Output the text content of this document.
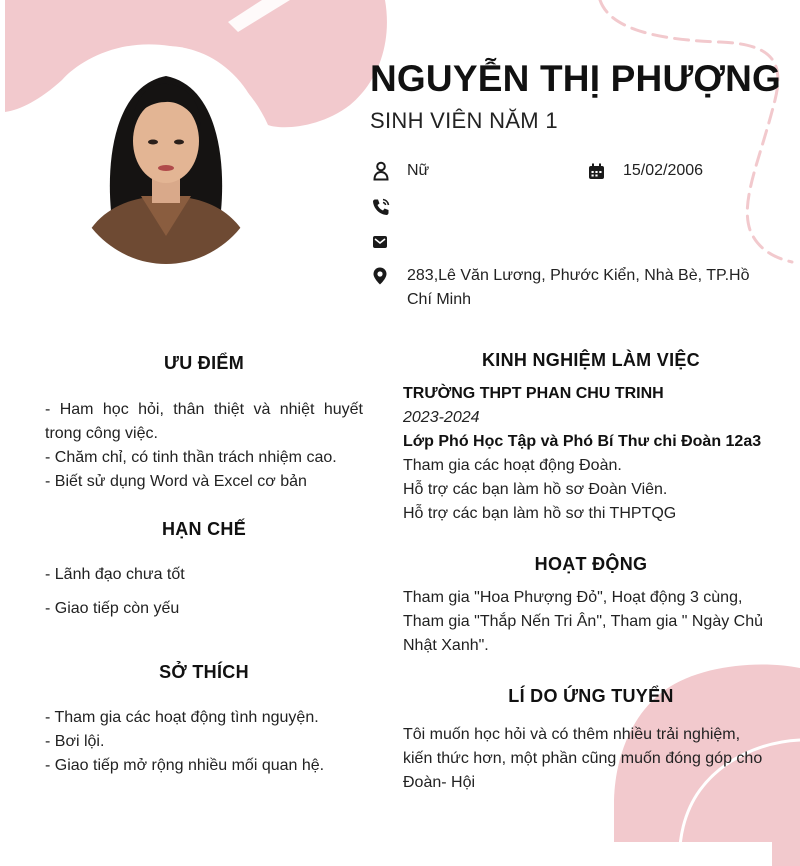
NGUYỄN THỊ PHƯỢNG
SINH VIÊN NĂM 1
Nữ	15/02/2006
283,Lê Văn Lương, Phước Kiển, Nhà Bè, TP.Hồ Chí Minh
ƯU ĐIỂM
- Ham học hỏi, thân thiệt và nhiệt huyết trong công việc.
- Chăm chỉ, có tinh thần trách nhiệm cao.
- Biết sử dụng Word và Excel cơ bản
HẠN CHẾ
- Lãnh đạo chưa tốt
- Giao tiếp còn yếu
SỞ THÍCH
- Tham gia các hoạt động tình nguyện.
- Bơi lội.
- Giao tiếp mở rộng nhiều mối quan hệ.
KINH NGHIỆM LÀM VIỆC
TRƯỜNG THPT PHAN CHU TRINH
2023-2024
Lớp Phó Học Tập và Phó Bí Thư chi Đoàn 12a3
Tham gia các hoạt động Đoàn.
Hỗ trợ các bạn làm hồ sơ Đoàn Viên.
Hỗ trợ các bạn làm hồ sơ thi THPTQG
HOẠT ĐỘNG
Tham gia "Hoa Phượng Đỏ", Hoạt động 3 cùng, Tham gia "Thắp Nến Tri Ân", Tham gia " Ngày Chủ Nhật Xanh".
LÍ DO ỨNG TUYỂN
Tôi muốn học hỏi và có thêm nhiều trải nghiệm, kiến thức hơn, một phần cũng muốn đóng góp cho Đoàn- Hội
